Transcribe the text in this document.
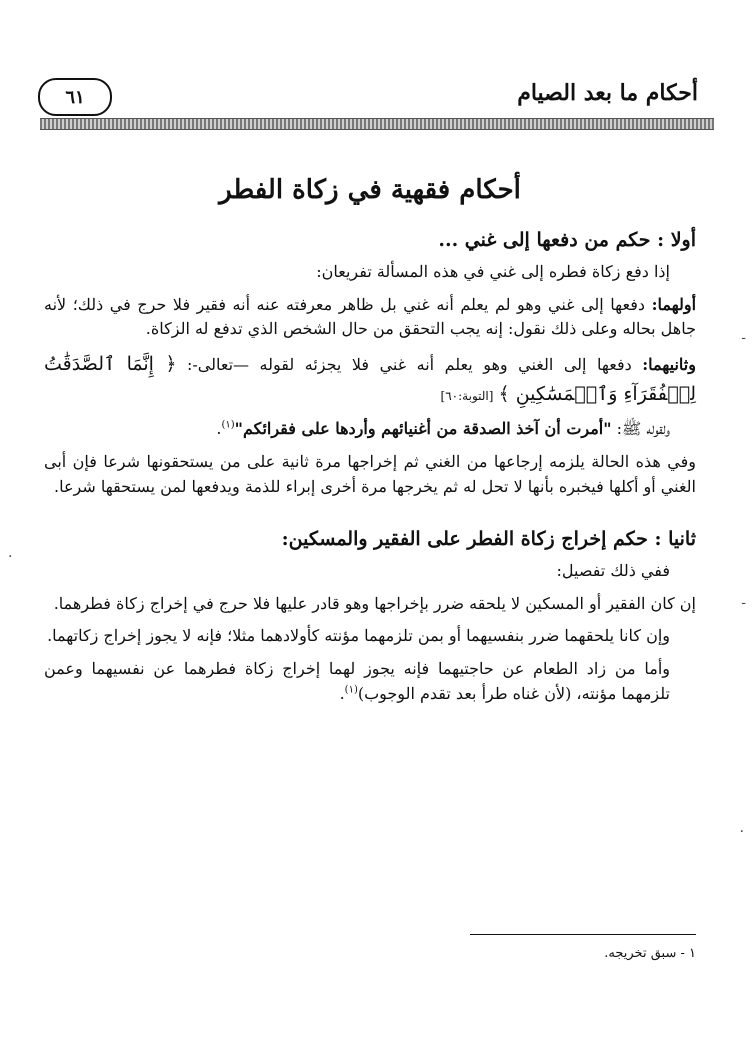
٦١	أحكام ما بعد الصيام
أحكام فقهية في زكاة الفطر
أولا : حكم من دفعها إلى غني ...

إذا دفع زكاة فطره إلى غني في هذه المسألة تفريعان:

أولهما: دفعها إلى غني وهو لم يعلم أنه غني بل ظاهر معرفته عنه أنه فقير فلا حرج في ذلك؛ لأنه جاهل بحاله وعلى ذلك نقول: إنه يجب التحقق من حال الشخص الذي تدفع له الزكاة.

وثانيهما: دفعها إلى الغني وهو يعلم أنه غني فلا يجزئه لقوله —تعالى-: ﴿ إِنَّمَا ٱلصَّدَقَٰتُ لِلۡفُقَرَآءِ وَٱلۡمَسَٰكِينِ ﴾ [التوبة:٦٠]

ولقوله ﷺ: "أمرت أن آخذ الصدقة من أغنيائهم وأردها على فقرائكم"$^{(١)}$.

وفي هذه الحالة يلزمه إرجاعها من الغني ثم إخراجها مرة ثانية على من يستحقونها شرعا فإن أبى الغني أو أكلها فيخبره بأنها لا تحل له ثم يخرجها مرة أخرى إبراء للذمة ويدفعها لمن يستحقها شرعا.

ثانيا : حكم إخراج زكاة الفطر على الفقير والمسكين:

ففي ذلك تفصيل:

إن كان الفقير أو المسكين لا يلحقه ضرر بإخراجها وهو قادر عليها فلا حرج في إخراج زكاة فطرهما.

وإن كانا يلحقهما ضرر بنفسيهما أو بمن تلزمهما مؤنته كأولادهما مثلا؛ فإنه لا يجوز إخراج زكاتهما.

وأما من زاد الطعام عن حاجتيهما فإنه يجوز لهما إخراج زكاة فطرهما عن نفسيهما وعمن تلزمهما مؤنته، (لأن غناه طرأ بعد تقدم الوجوب)$^{(١)}$.

١ - سبق تخريجه.
-
.
-
.
